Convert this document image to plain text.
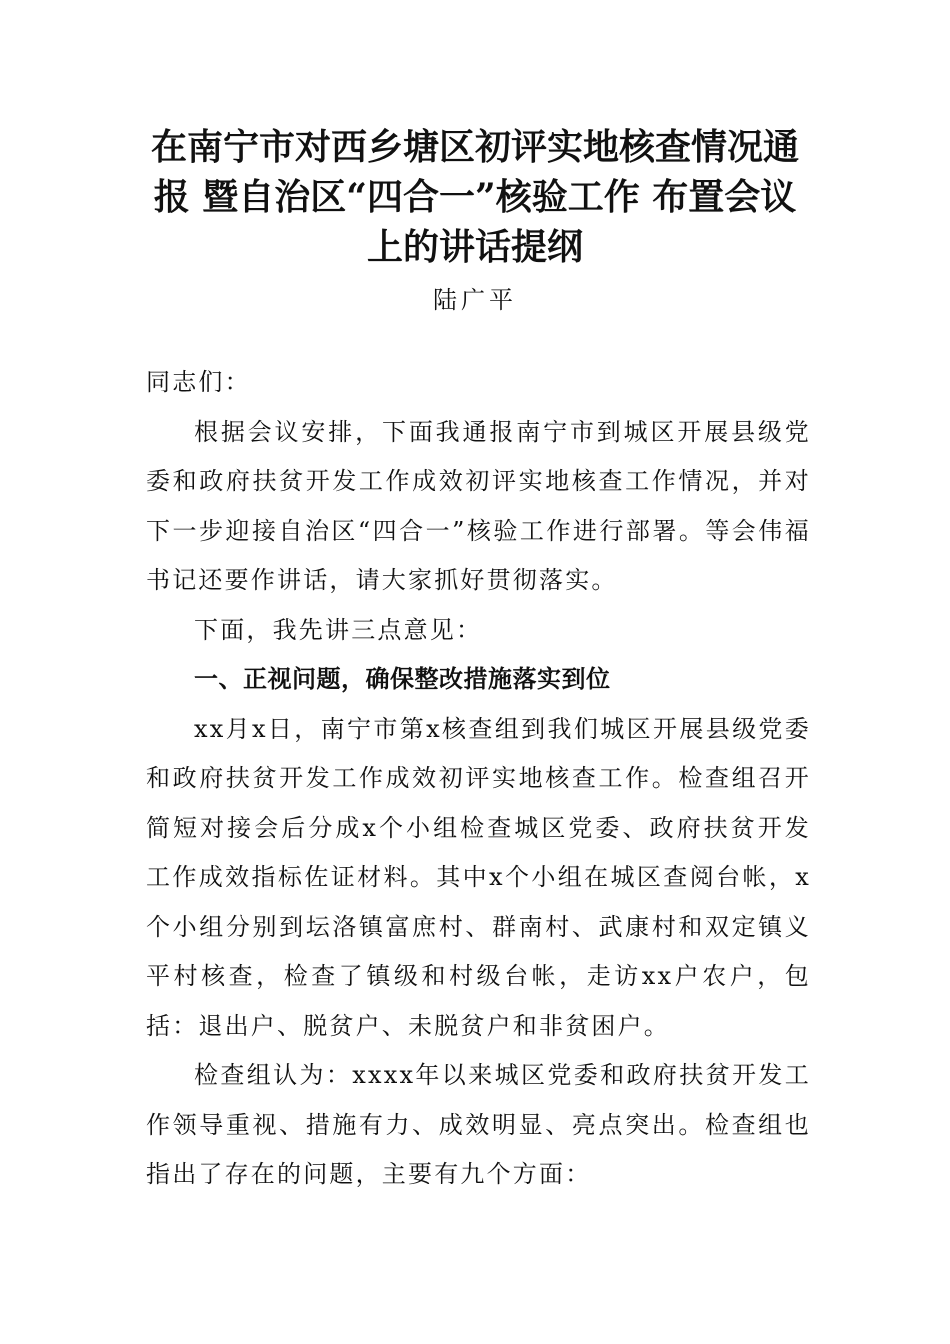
在南宁市对西乡塘区初评实地核查情况通
报 暨自治区“四合一”核验工作 布置会议
上的讲话提纲
陆广平

同志们：

根据会议安排，下面我通报南宁市到城区开展县级党委和政府扶贫开发工作成效初评实地核查工作情况，并对下一步迎接自治区“四合一”核验工作进行部署。等会伟福书记还要作讲话，请大家抓好贯彻落实。

下面，我先讲三点意见：

一、正视问题，确保整改措施落实到位

xx月x日，南宁市第x核查组到我们城区开展县级党委和政府扶贫开发工作成效初评实地核查工作。检查组召开简短对接会后分成x个小组检查城区党委、政府扶贫开发工作成效指标佐证材料。其中x个小组在城区查阅台帐，x个小组分别到坛洛镇富庶村、群南村、武康村和双定镇义平村核查，检查了镇级和村级台帐，走访xx户农户，包括：退出户、脱贫户、未脱贫户和非贫困户。

检查组认为：xxxx年以来城区党委和政府扶贫开发工作领导重视、措施有力、成效明显、亮点突出。检查组也指出了存在的问题，主要有九个方面：
